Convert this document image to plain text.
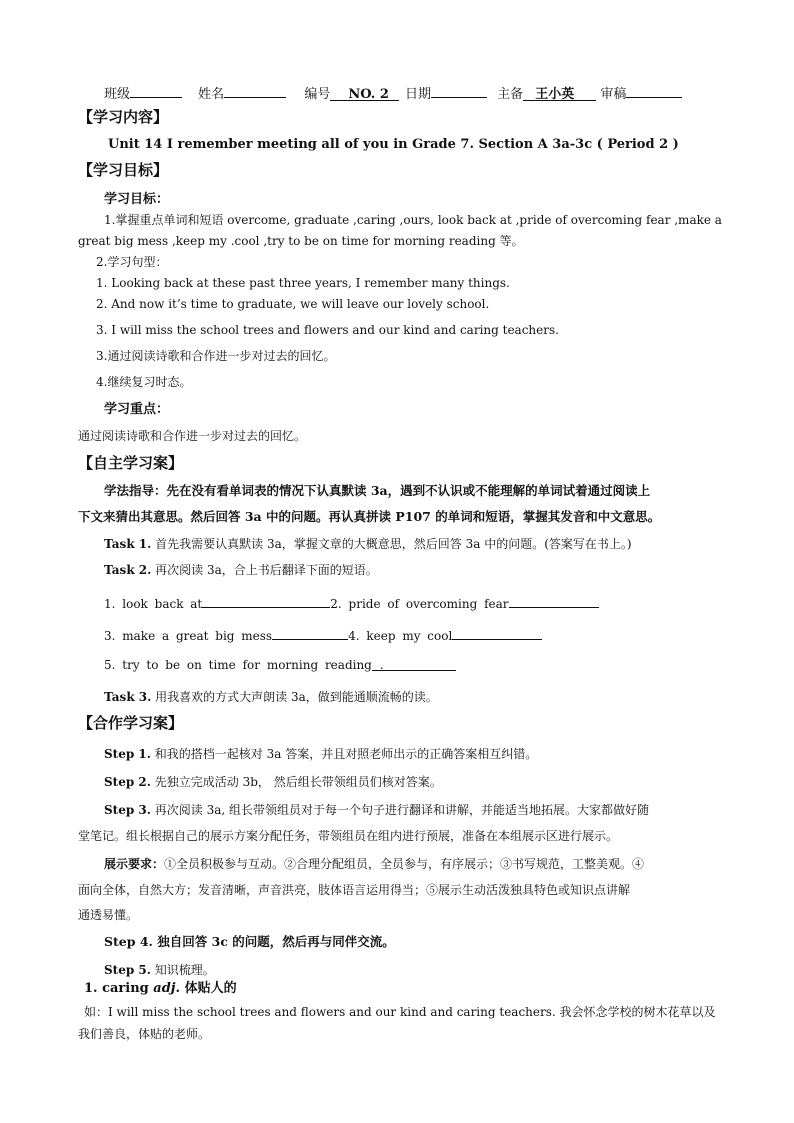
班级	姓名	编号 NO. 2 日期	主备 王小英 审稿
【学习内容】
Unit 14 I remember meeting all of you in Grade 7. Section A 3a-3c ( Period 2 )
【学习目标】
学习目标：
1.掌握重点单词和短语 overcome, graduate ,caring ,ours, look back at ,pride of overcoming fear ,make a
great big mess ,keep my .cool ,try to be on time for morning reading 等。
2.学习句型：
1. Looking back at these past three years, I remember many things.
2. And now it’s time to graduate, we will leave our lovely school.
3. I will miss the school trees and flowers and our kind and caring teachers.
3.通过阅读诗歌和合作进一步对过去的回忆。
4.继续复习时态。
学习重点：
通过阅读诗歌和合作进一步对过去的回忆。
【自主学习案】
学法指导：先在没有看单词表的情况下认真默读 3a，遇到不认识或不能理解的单词试着通过阅读上
下文来猜出其意思。然后回答 3a 中的问题。再认真拼读 P107 的单词和短语，掌握其发音和中文意思。
Task 1. 首先我需要认真默读 3a，掌握文章的大概意思，然后回答 3a 中的问题。(答案写在书上。)
Task 2. 再次阅读 3a，合上书后翻译下面的短语。
1. look back at	2. pride of overcoming fear
3. make a great big mess	4. keep my cool
5. try to be on time for morning reading .
Task 3. 用我喜欢的方式大声朗读 3a，做到能通顺流畅的读。
【合作学习案】
Step 1. 和我的搭档一起核对 3a 答案，并且对照老师出示的正确答案相互纠错。
Step 2. 先独立完成活动 3b， 然后组长带领组员们核对答案。
Step 3. 再次阅读 3a, 组长带领组员对于每一个句子进行翻译和讲解，并能适当地拓展。大家都做好随
堂笔记。组长根据自己的展示方案分配任务，带领组员在组内进行预展，准备在本组展示区进行展示。
展示要求：①全员积极参与互动。②合理分配组员，全员参与，有序展示；③书写规范，工整美观。④
面向全体，自然大方；发音清晰，声音洪亮，肢体语言运用得当；⑤展示生动活泼独具特色或知识点讲解
通透易懂。
Step 4. 独自回答 3c 的问题，然后再与同伴交流。
Step 5. 知识梳理。
1. caring adj. 体贴人的
如：I will miss the school trees and flowers and our kind and caring teachers. 我会怀念学校的树木花草以及
我们善良，体贴的老师。
